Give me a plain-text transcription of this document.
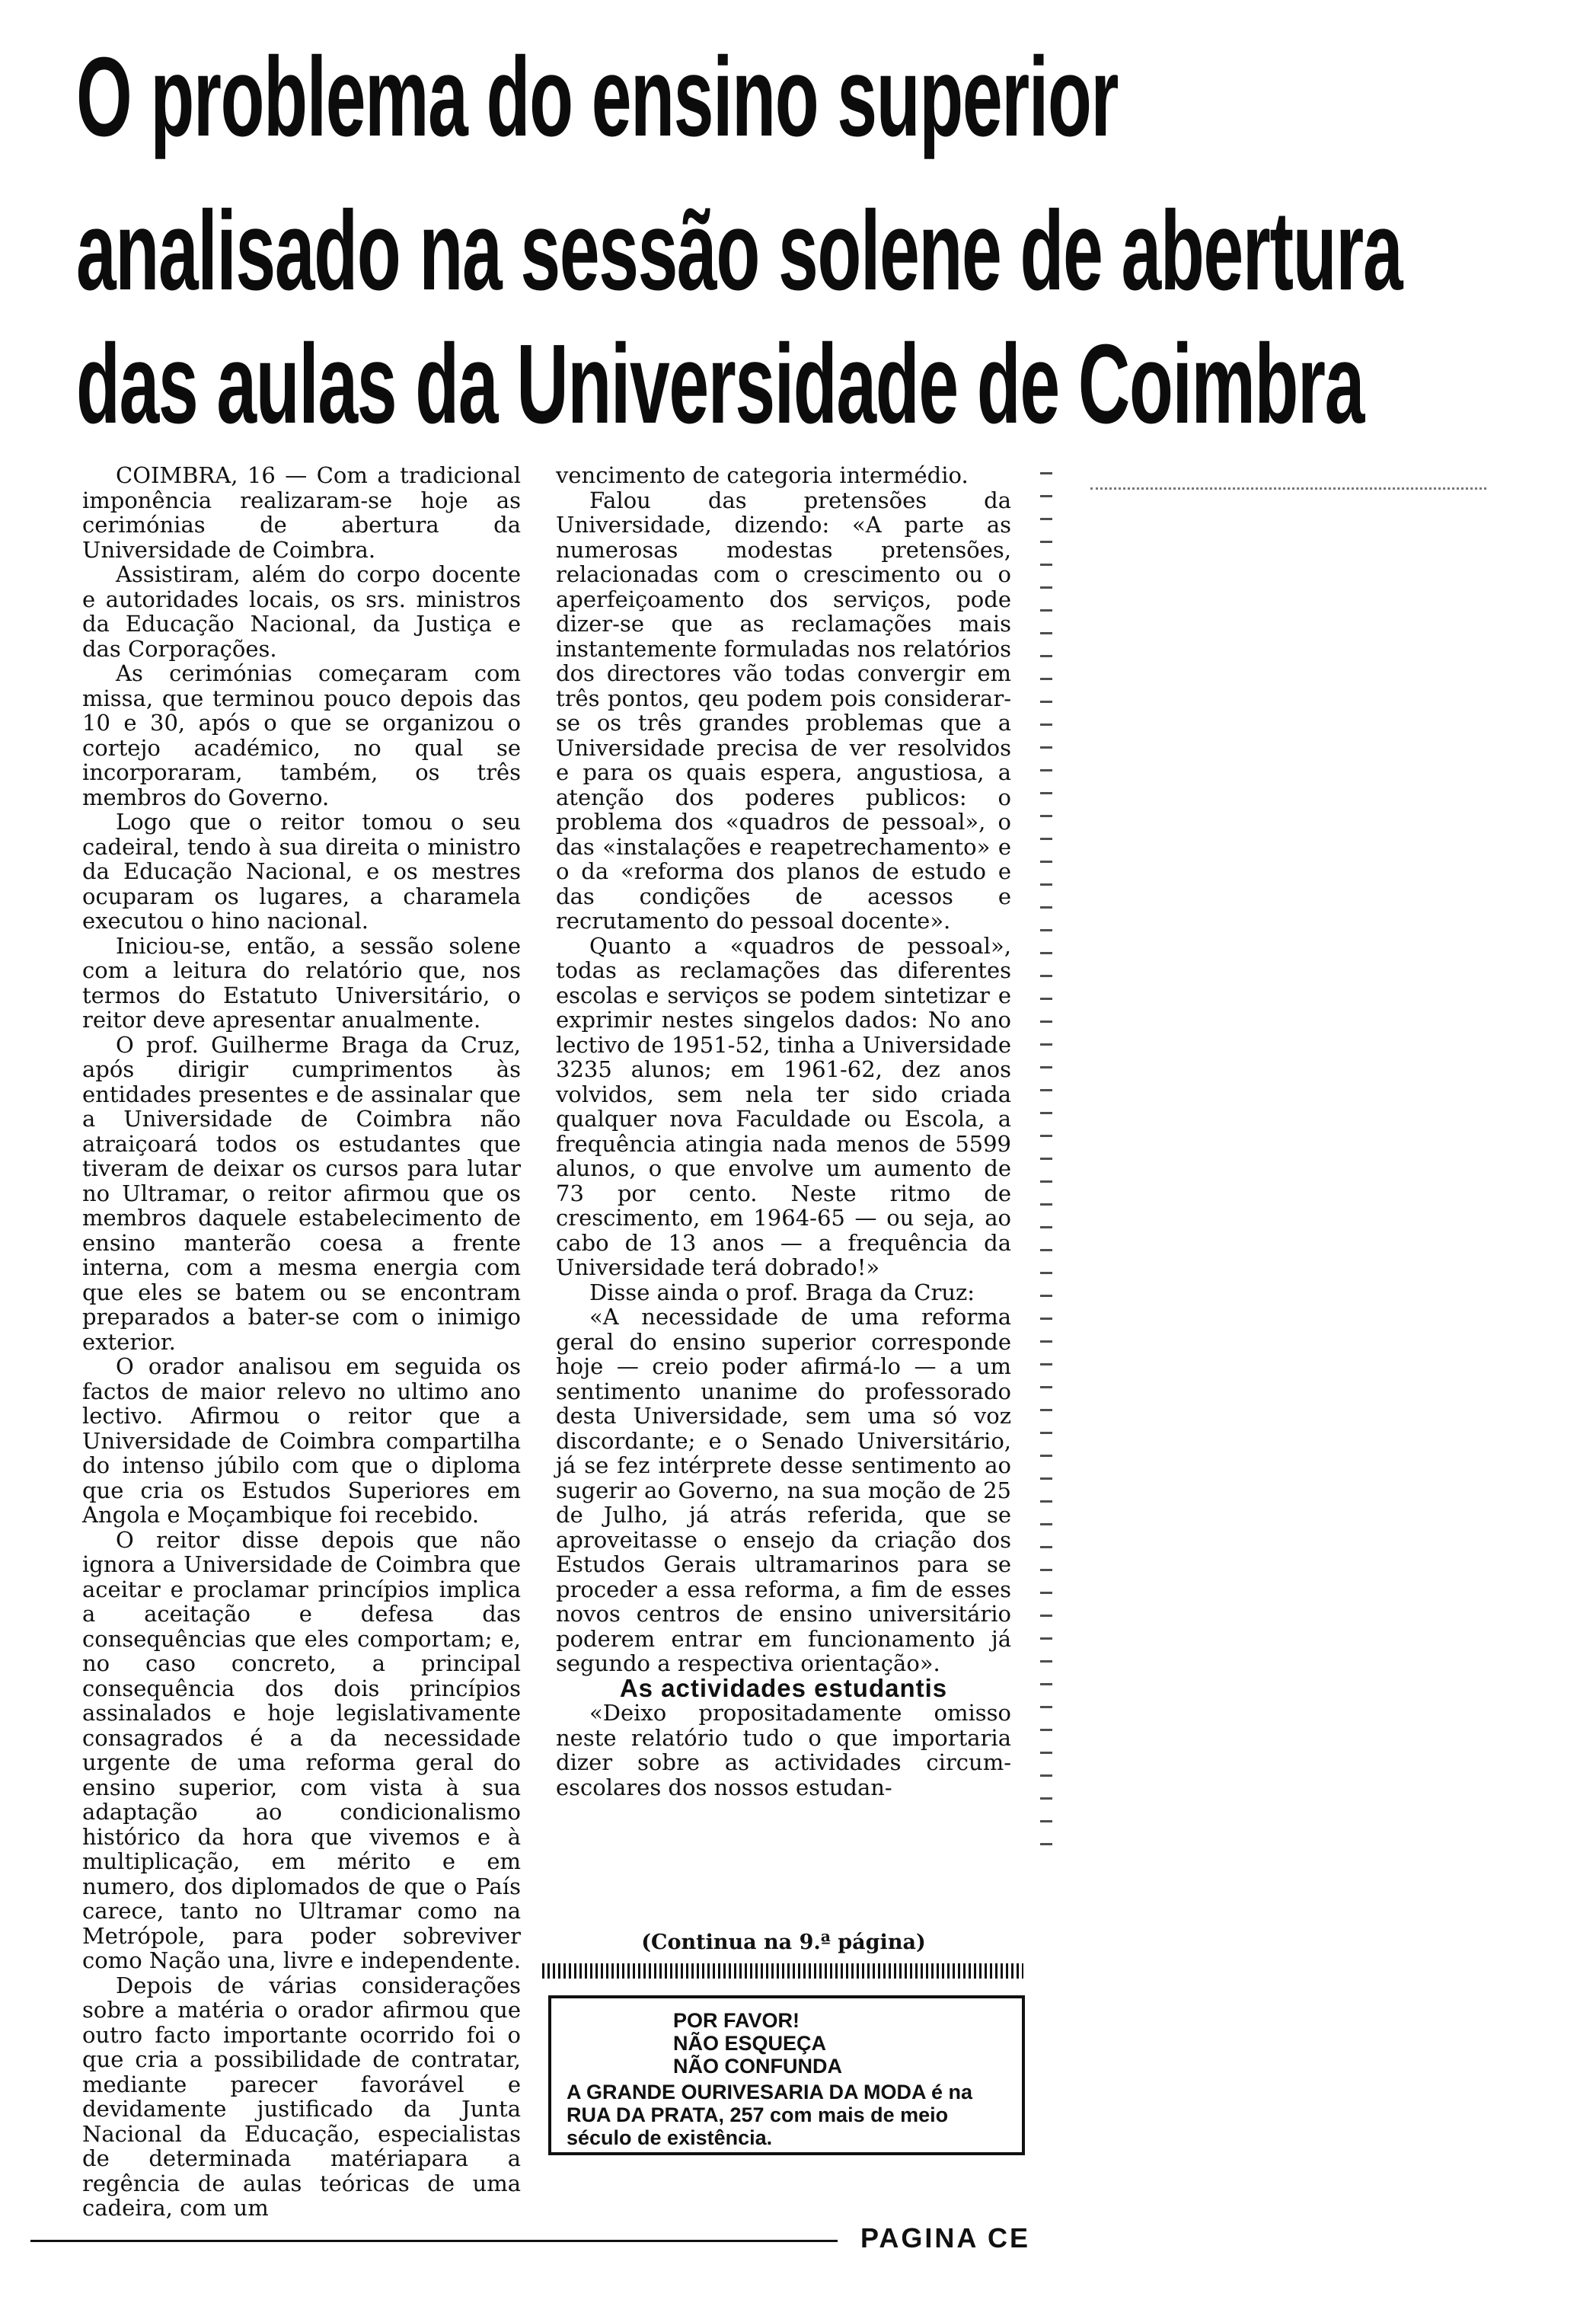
O problema do ensino superior
analisado na sessão solene de abertura
das aulas da Universidade de Coimbra

COIMBRA, 16 — Com a tradicional imponência realizaram-se hoje as cerimónias de abertura da Universidade de Coimbra.

Assistiram, além do corpo docente e autoridades locais, os srs. ministros da Educação Nacional, da Justiça e das Corporações.

As cerimónias começaram com missa, que terminou pouco depois das 10 e 30, após o que se organizou o cortejo académico, no qual se incorporaram, também, os três membros do Governo.

Logo que o reitor tomou o seu cadeiral, tendo à sua direita o ministro da Educação Nacional, e os mestres ocuparam os lugares, a charamela executou o hino nacional.

Iniciou-se, então, a sessão solene com a leitura do relatório que, nos termos do Estatuto Universitário, o reitor deve apresentar anualmente.

O prof. Guilherme Braga da Cruz, após dirigir cumprimentos às entidades presentes e de assinalar que a Universidade de Coimbra não atraiçoará todos os estudantes que tiveram de deixar os cursos para lutar no Ultramar, o reitor afirmou que os membros daquele estabelecimento de ensino manterão coesa a frente interna, com a mesma energia com que eles se batem ou se encontram preparados a bater-se com o inimigo exterior.

O orador analisou em seguida os factos de maior relevo no ultimo ano lectivo. Afirmou o reitor que a Universidade de Coimbra compartilha do intenso júbilo com que o diploma que cria os Estudos Superiores em Angola e Moçambique foi recebido.

O reitor disse depois que não ignora a Universidade de Coimbra que aceitar e proclamar princípios implica a aceitação e defesa das consequências que eles comportam; e, no caso concreto, a principal consequência dos dois princípios assinalados e hoje legislativamente consagrados é a da necessidade urgente de uma reforma geral do ensino superior, com vista à sua adaptação ao condicionalismo histórico da hora que vivemos e à multiplicação, em mérito e em numero, dos diplomados de que o País carece, tanto no Ultramar como na Metrópole, para poder sobreviver como Nação una, livre e independente.

Depois de várias considerações sobre a matéria o orador afirmou que outro facto importante ocorrido foi o que cria a possibilidade de contratar, mediante parecer favorável e devidamente justificado da Junta Nacional da Educação, especialistas de determinada matériapara a regência de aulas teóricas de uma cadeira, com um

vencimento de categoria intermédio.

Falou das pretensões da Universidade, dizendo: «A parte as numerosas modestas pretensões, relacionadas com o crescimento ou o aperfeiçoamento dos serviços, pode dizer-se que as reclamações mais instantemente formuladas nos relatórios dos directores vão todas convergir em três pontos, qeu podem pois considerar-se os três grandes problemas que a Universidade precisa de ver resolvidos e para os quais espera, angustiosa, a atenção dos poderes publicos: o problema dos «quadros de pessoal», o das «instalações e reapetrechamento» e o da «reforma dos planos de estudo e das condições de acessos e recrutamento do pessoal docente».

Quanto a «quadros de pessoal», todas as reclamações das diferentes escolas e serviços se podem sintetizar e exprimir nestes singelos dados: No ano lectivo de 1951-52, tinha a Universidade 3235 alunos; em 1961-62, dez anos volvidos, sem nela ter sido criada qualquer nova Faculdade ou Escola, a frequência atingia nada menos de 5599 alunos, o que envolve um aumento de 73 por cento. Neste ritmo de crescimento, em 1964-65 — ou seja, ao cabo de 13 anos — a frequência da Universidade terá dobrado!»

Disse ainda o prof. Braga da Cruz:

«A necessidade de uma reforma geral do ensino superior corresponde hoje — creio poder afirmá-lo — a um sentimento unanime do professorado desta Universidade, sem uma só voz discordante; e o Senado Universitário, já se fez intérprete desse sentimento ao sugerir ao Governo, na sua moção de 25 de Julho, já atrás referida, que se aproveitasse o ensejo da criação dos Estudos Gerais ultramarinos para se proceder a essa reforma, a fim de esses novos centros de ensino universitário poderem entrar em funcionamento já segundo a respectiva orientação».

As actividades estudantis

«Deixo propositadamente omisso neste relatório tudo o que importaria dizer sobre as actividades circum-escolares dos nossos estudan-

(Continua na 9.ª página)
POR FAVOR!
NÃO ESQUEÇA
NÃO CONFUNDA
A GRANDE OURIVESARIA DA MODA é na RUA DA PRATA, 257 com mais de meio século de existência.
PAGINA CE
